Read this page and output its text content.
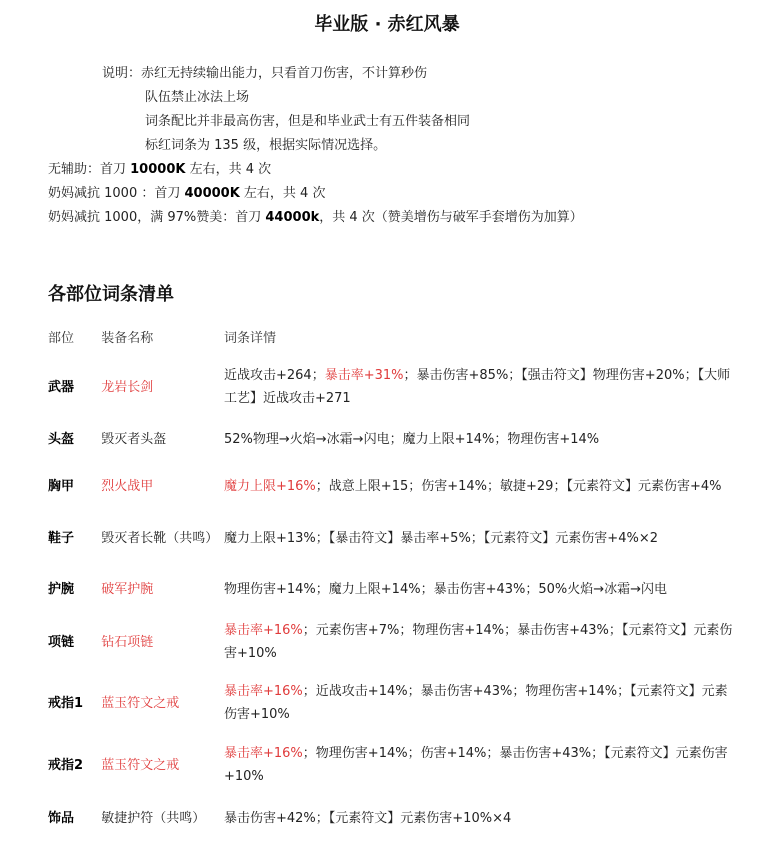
毕业版 · 赤红风暴
说明：赤红无持续输出能力，只看首刀伤害，不计算秒伤
队伍禁止冰法上场
词条配比并非最高伤害，但是和毕业武士有五件装备相同
标红词条为 135 级，根据实际情况选择。
无辅助：首刀 10000K 左右，共 4 次
奶妈减抗 1000 ：首刀 40000K 左右，共 4 次
奶妈减抗 1000，满 97%赞美：首刀 44000k，共 4 次（赞美增伤与破军手套增伤为加算）
各部位词条清单
部位	装备名称	词条详情
武器	龙岩长剑	近战攻击+264；暴击率+31%；暴击伤害+85%；【强击符文】物理伤害+20%；【大师工艺】近战攻击+271
头盔	毁灭者头盔	52%物理→火焰→冰霜→闪电；魔力上限+14%；物理伤害+14%
胸甲	烈火战甲	魔力上限+16%；战意上限+15；伤害+14%；敏捷+29；【元素符文】元素伤害+4%
鞋子	毁灭者长靴（共鸣）	魔力上限+13%；【暴击符文】暴击率+5%；【元素符文】元素伤害+4%×2
护腕	破军护腕	物理伤害+14%；魔力上限+14%；暴击伤害+43%；50%火焰→冰霜→闪电
项链	钻石项链	暴击率+16%；元素伤害+7%；物理伤害+14%；暴击伤害+43%；【元素符文】元素伤害+10%
戒指1	蓝玉符文之戒	暴击率+16%；近战攻击+14%；暴击伤害+43%；物理伤害+14%；【元素符文】元素伤害+10%
戒指2	蓝玉符文之戒	暴击率+16%；物理伤害+14%；伤害+14%；暴击伤害+43%；【元素符文】元素伤害+10%
饰品	敏捷护符（共鸣）	暴击伤害+42%；【元素符文】元素伤害+10%×4
